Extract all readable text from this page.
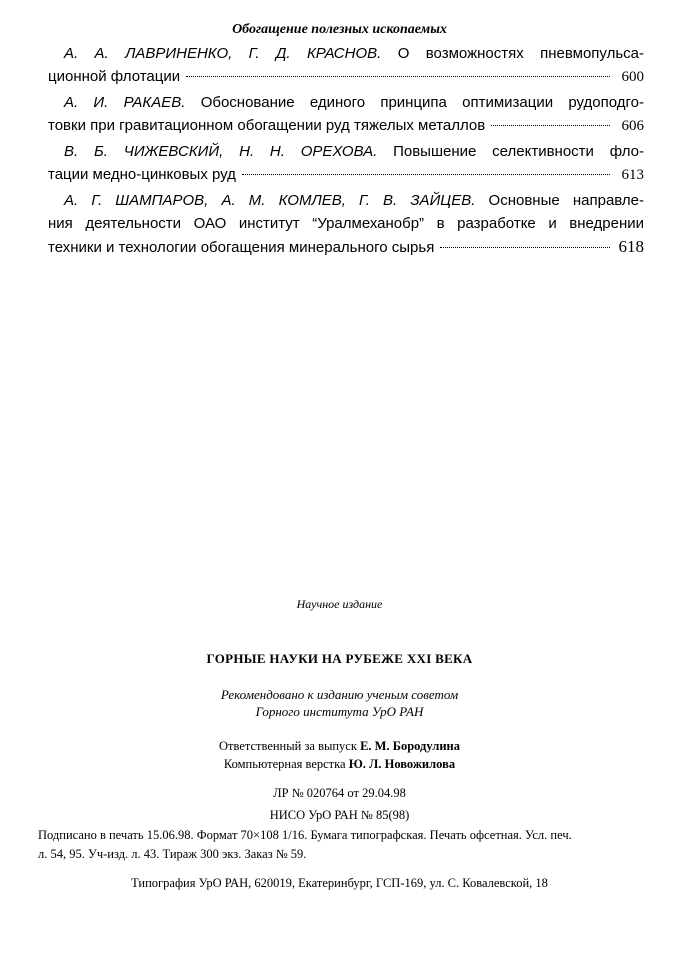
Обогащение полезных ископаемых
А. А. ЛАВРИНЕНКО, Г. Д. КРАСНОВ. О возможностях пневмопульса-
ционной флотации	600
А. И. РАКАЕВ. Обоснование единого принципа оптимизации рудоподго-
товки при гравитационном обогащении руд тяжелых металлов	606
В. Б. ЧИЖЕВСКИЙ, Н. Н. ОРЕХОВА. Повышение селективности фло-
тации медно-цинковых руд	613
А. Г. ШАМПАРОВ, А. М. КОМЛЕВ, Г. В. ЗАЙЦЕВ. Основные направле-
ния деятельности ОАО институт “Уралмеханобр” в разработке и внедрении
техники и технологии обогащения минерального сырья	618
Научное издание
ГОРНЫЕ НАУКИ НА РУБЕЖЕ XXI ВЕКА
Рекомендовано к изданию ученым советом
Горного института УрО РАН
Ответственный за выпуск Е. М. Бородулина
Компьютерная верстка Ю. Л. Новожилова
ЛР № 020764 от 29.04.98
НИСО УрО РАН № 85(98)
Подписано в печать 15.06.98. Формат 70×108 1/16. Бумага типографская. Печать офсетная. Усл. печ.
л. 54, 95. Уч-изд. л. 43. Тираж 300 экз. Заказ № 59.
Типография УрО РАН, 620019, Екатеринбург, ГСП-169, ул. С. Ковалевской, 18
